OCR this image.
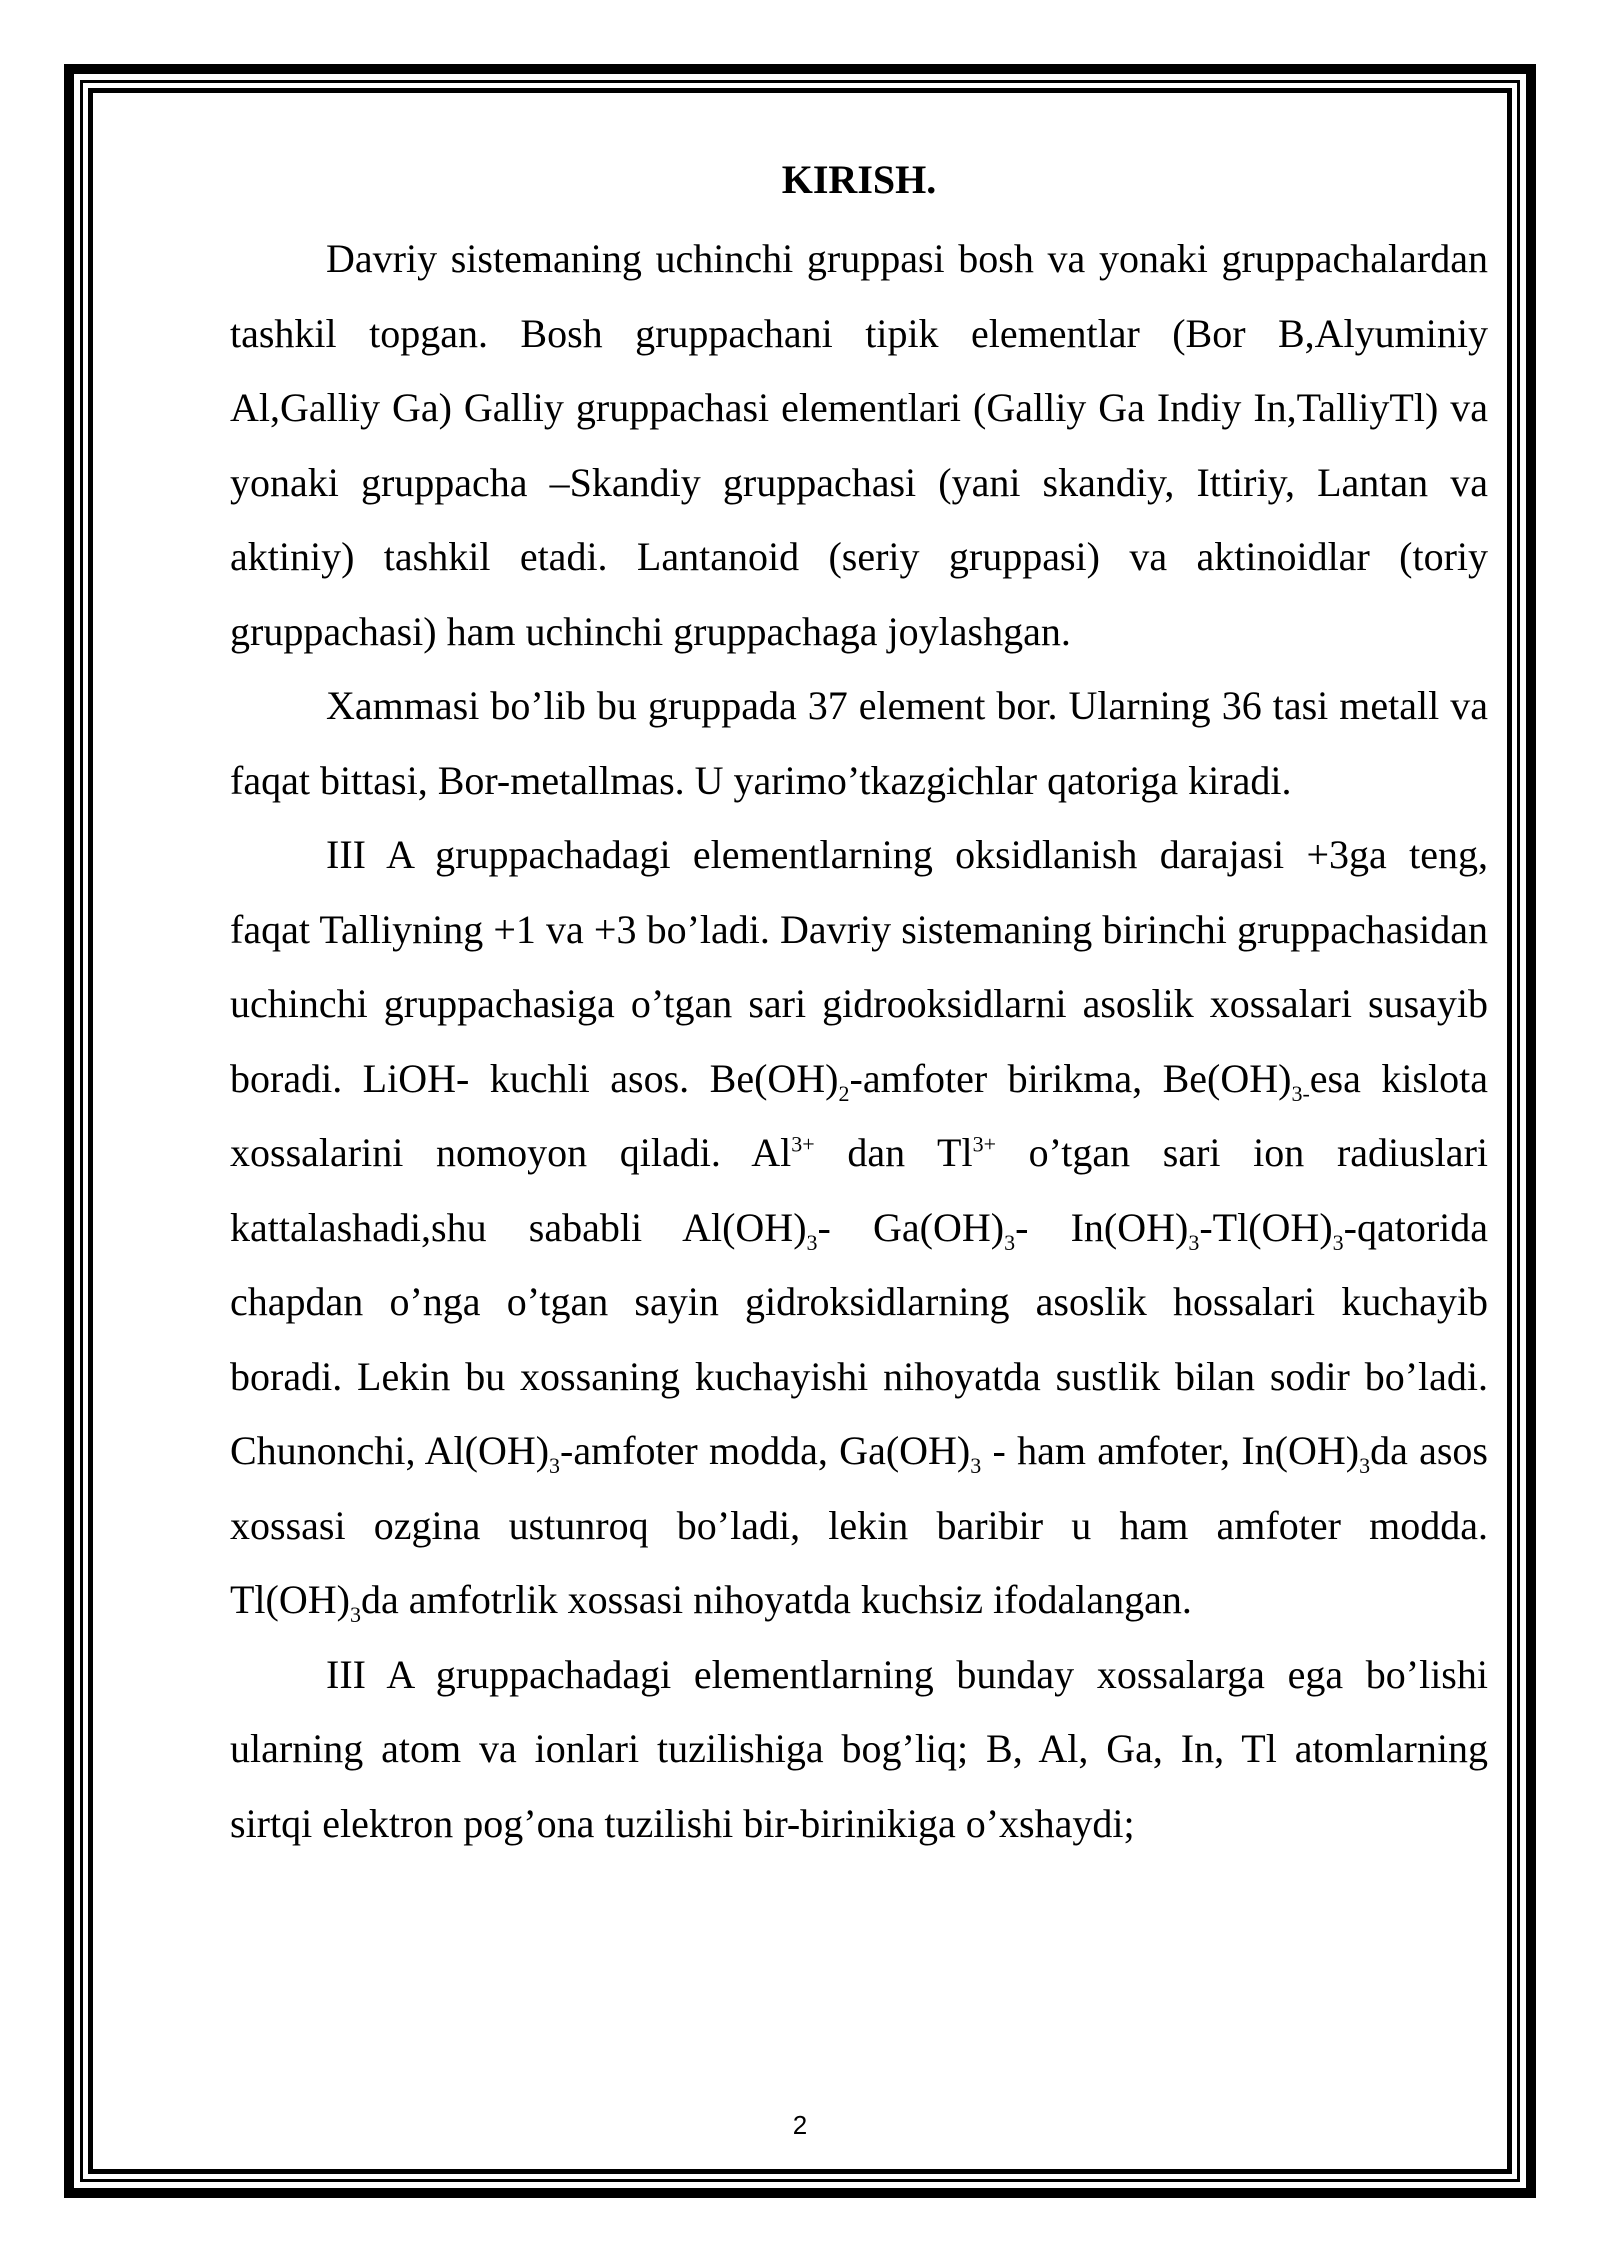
KIRISH.

Davriy sistemaning uchinchi gruppasi bosh va yonaki gruppachalardan tashkil topgan. Bosh gruppachani tipik elementlar (Bor B,Alyuminiy Al,Galliy Ga) Galliy gruppachasi elementlari (Galliy Ga Indiy In,TalliyTl) va yonaki gruppacha –Skandiy gruppachasi (yani skandiy, Ittiriy, Lantan va aktiniy) tashkil etadi. Lantanoid (seriy gruppasi) va aktinoidlar (toriy gruppachasi) ham uchinchi gruppachaga joylashgan.

Xammasi bo’lib bu gruppada 37 element bor. Ularning 36 tasi metall va faqat bittasi, Bor-metallmas. U yarimo’tkazgichlar qatoriga kiradi.

III A gruppachadagi elementlarning oksidlanish darajasi +3ga teng, faqat Talliyning +1 va +3 bo’ladi. Davriy sistemaning birinchi gruppachasidan uchinchi gruppachasiga o’tgan sari gidrooksidlarni asoslik xossalari susayib boradi. LiOH- kuchli asos. $Be(OH)_2$-amfoter birikma, $Be(OH)_{3-}esa$ kislota xossalarini nomoyon qiladi. $Al^{3+}$ dan $Tl^{3+}$ o’tgan sari ion radiuslari kattalashadi,shu sababli $Al(OH)_3-$ $Ga(OH)_3-$ $In(OH)_3-Tl(OH)_3$-qatorida chapdan o’nga o’tgan sayin gidroksidlarning asoslik hossalari kuchayib boradi. Lekin bu xossaning kuchayishi nihoyatda sustlik bilan sodir bo’ladi. Chunonchi, $Al(OH)_3$-amfoter modda, $Ga(OH)_3$ - ham amfoter, $In(OH)_3da$ asos xossasi ozgina ustunroq bo’ladi, lekin baribir u ham amfoter modda. $Tl(OH)_3da$ amfotrlik xossasi nihoyatda kuchsiz ifodalangan.

III A gruppachadagi elementlarning bunday xossalarga ega bo’lishi ularning atom va ionlari tuzilishiga bog’liq; B, Al, Ga, In, Tl atomlarning sirtqi elektron pog’ona tuzilishi bir-birinikiga o’xshaydi;

2
